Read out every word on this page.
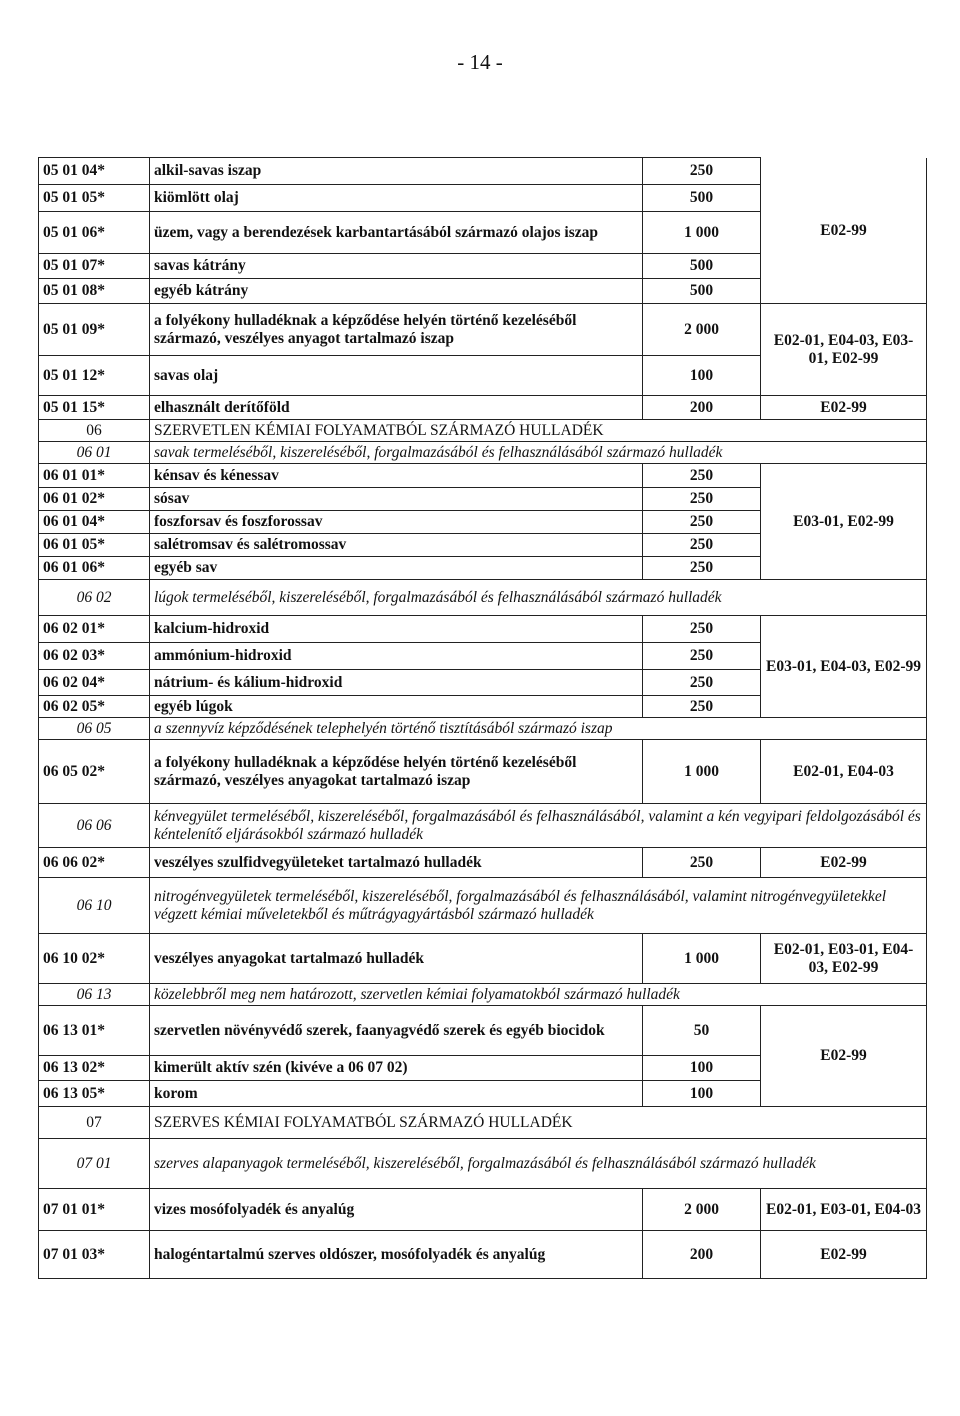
- 14 -
05 01 04*	alkil-savas iszap	250	E02-99
05 01 05*	kiömlött olaj	500	
05 01 06*	üzem, vagy a berendezések karbantartásából származó olajos iszap	1 000	
05 01 07*	savas kátrány	500	
05 01 08*	egyéb kátrány	500	
05 01 09*	a folyékony hulladéknak a képződése helyén történő kezeléséből származó, veszélyes anyagot tartalmazó iszap	2 000	E02-01, E04-03, E03-01, E02-99
05 01 12*	savas olaj	100	
05 01 15*	elhasznált derítőföld	200	E02-99
06	SZERVETLEN KÉMIAI FOLYAMATBÓL SZÁRMAZÓ HULLADÉK		
06 01	savak termeléséből, kiszereléséből, forgalmazásából és felhasználásából származó hulladék		
06 01 01*	kénsav és kénessav	250	E03-01, E02-99
06 01 02*	sósav	250	
06 01 04*	foszforsav és foszforossav	250	
06 01 05*	salétromsav és salétromossav	250	
06 01 06*	egyéb sav	250	
06 02	lúgok termeléséből, kiszereléséből, forgalmazásából és felhasználásából származó hulladék		
06 02 01*	kalcium-hidroxid	250	E03-01, E04-03, E02-99
06 02 03*	ammónium-hidroxid	250	
06 02 04*	nátrium- és kálium-hidroxid	250	
06 02 05*	egyéb lúgok	250	
06 05	a szennyvíz képződésének telephelyén történő tisztításából származó iszap		
06 05 02*	a folyékony hulladéknak a képződése helyén történő kezeléséből származó, veszélyes anyagokat tartalmazó iszap	1 000	E02-01, E04-03
06 06	kénvegyület termeléséből, kiszereléséből, forgalmazásából és felhasználásából, valamint a kén vegyipari feldolgozásából és kéntelenítő eljárásokból származó hulladék		
06 06 02*	veszélyes szulfidvegyületeket tartalmazó hulladék	250	E02-99
06 10	nitrogénvegyületek termeléséből, kiszereléséből, forgalmazásából és felhasználásából, valamint nitrogénvegyületekkel végzett kémiai műveletekből és műtrágyagyártásból származó hulladék		
06 10 02*	veszélyes anyagokat tartalmazó hulladék	1 000	E02-01, E03-01, E04-03, E02-99
06 13	közelebbről meg nem határozott, szervetlen kémiai folyamatokból származó hulladék		
06 13 01*	szervetlen növényvédő szerek, faanyagvédő szerek és egyéb biocidok	50	E02-99
06 13 02*	kimerült aktív szén (kivéve a 06 07 02)	100	
06 13 05*	korom	100	
07	SZERVES KÉMIAI FOLYAMATBÓL SZÁRMAZÓ HULLADÉK		
07 01	szerves alapanyagok termeléséből, kiszereléséből, forgalmazásából és felhasználásából származó hulladék		
07 01 01*	vizes mosófolyadék és anyalúg	2 000	E02-01, E03-01, E04-03
07 01 03*	halogéntartalmú szerves oldószer, mosófolyadék és anyalúg	200	E02-99
